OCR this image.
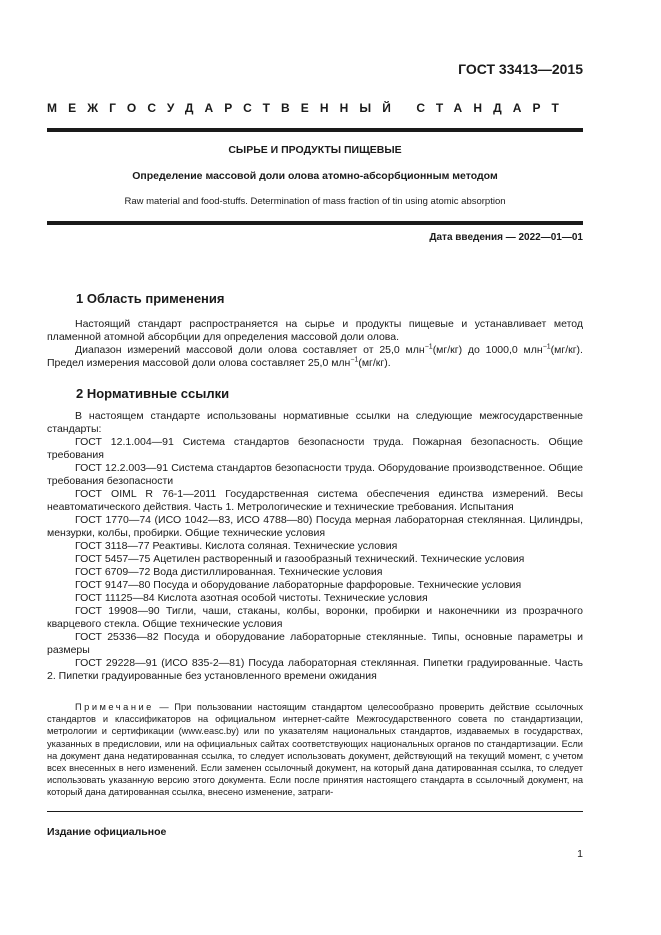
ГОСТ 33413—2015
МЕЖГОСУДАРСТВЕННЫЙ СТАНДАРТ
СЫРЬЕ И ПРОДУКТЫ ПИЩЕВЫЕ
Определение массовой доли олова атомно-абсорбционным методом
Raw material and food-stuffs. Determination of mass fraction of tin using atomic absorption
Дата введения — 2022—01—01
1 Область применения

Настоящий стандарт распространяется на сырье и продукты пищевые и устанавливает метод пламенной атомной абсорбции для определения массовой доли олова.

Диапазон измерений массовой доли олова составляет от 25,0 млн$^{-1}$(мг/кг) до 1000,0 млн$^{-1}$(мг/кг). Предел измерения массовой доли олова составляет 25,0 млн$^{-1}$(мг/кг).

2 Нормативные ссылки

В настоящем стандарте использованы нормативные ссылки на следующие межгосударственные стандарты:

ГОСТ 12.1.004—91 Система стандартов безопасности труда. Пожарная безопасность. Общие требования

ГОСТ 12.2.003—91 Система стандартов безопасности труда. Оборудование производственное. Общие требования безопасности

ГОСТ OIML R 76-1—2011 Государственная система обеспечения единства измерений. Весы неавтоматического действия. Часть 1. Метрологические и технические требования. Испытания

ГОСТ 1770—74 (ИСО 1042—83, ИСО 4788—80) Посуда мерная лабораторная стеклянная. Цилиндры, мензурки, колбы, пробирки. Общие технические условия

ГОСТ 3118—77 Реактивы. Кислота соляная. Технические условия

ГОСТ 5457—75 Ацетилен растворенный и газообразный технический. Технические условия

ГОСТ 6709—72 Вода дистиллированная. Технические условия

ГОСТ 9147—80 Посуда и оборудование лабораторные фарфоровые. Технические условия

ГОСТ 11125—84 Кислота азотная особой чистоты. Технические условия

ГОСТ 19908—90 Тигли, чаши, стаканы, колбы, воронки, пробирки и наконечники из прозрачного кварцевого стекла. Общие технические условия

ГОСТ 25336—82 Посуда и оборудование лабораторные стеклянные. Типы, основные параметры и размеры

ГОСТ 29228—91 (ИСО 835-2—81) Посуда лабораторная стеклянная. Пипетки градуированные. Часть 2. Пипетки градуированные без установленного времени ожидания

Примечание — При пользовании настоящим стандартом целесообразно проверить действие ссылочных стандартов и классификаторов на официальном интернет-сайте Межгосударственного совета по стандартизации, метрологии и сертификации (www.easc.by) или по указателям национальных стандартов, издаваемых в государствах, указанных в предисловии, или на официальных сайтах соответствующих национальных органов по стандартизации. Если на документ дана недатированная ссылка, то следует использовать документ, действующий на текущий момент, с учетом всех внесенных в него изменений. Если заменен ссылочный документ, на который дана датированная ссылка, то следует использовать указанную версию этого документа. Если после принятия настоящего стандарта в ссылочный документ, на который дана датированная ссылка, внесено изменение, затраги-

Издание официальное
1
